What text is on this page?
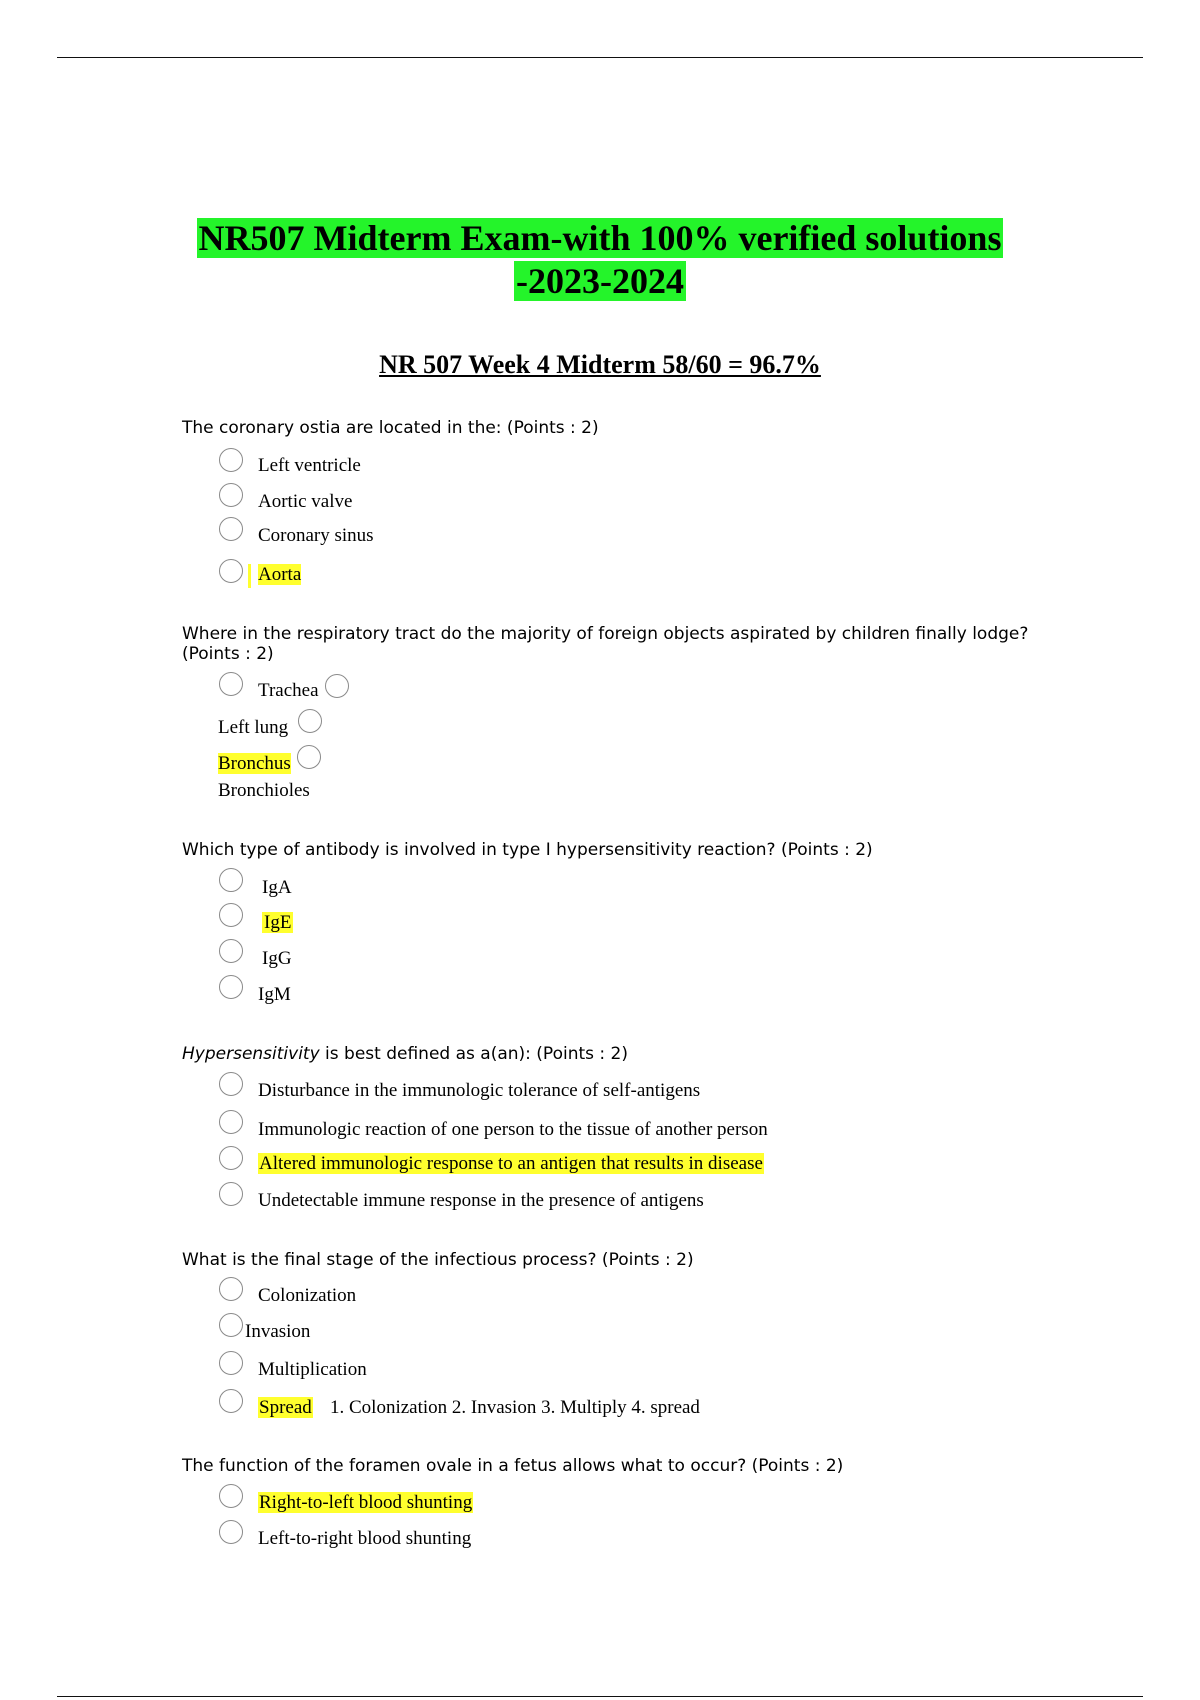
NR507 Midterm Exam-with 100% verified solutions
-2023-2024
NR 507 Week 4 Midterm 58/60 = 96.7%
The coronary ostia are located in the: (Points : 2)
Left ventricle
Aortic valve
Coronary sinus
Aorta
Where in the respiratory tract do the majority of foreign objects aspirated by children finally lodge? (Points : 2)
Trachea
Left lung
Bronchus
Bronchioles
Which type of antibody is involved in type I hypersensitivity reaction? (Points : 2)
IgA
IgE
IgG
IgM
Hypersensitivity is best defined as a(an): (Points : 2)
Disturbance in the immunologic tolerance of self-antigens
Immunologic reaction of one person to the tissue of another person
Altered immunologic response to an antigen that results in disease
Undetectable immune response in the presence of antigens
What is the final stage of the infectious process? (Points : 2)
Colonization
Invasion
Multiplication
Spread 1. Colonization 2. Invasion 3. Multiply 4. spread
The function of the foramen ovale in a fetus allows what to occur? (Points : 2)
Right-to-left blood shunting
Left-to-right blood shunting
